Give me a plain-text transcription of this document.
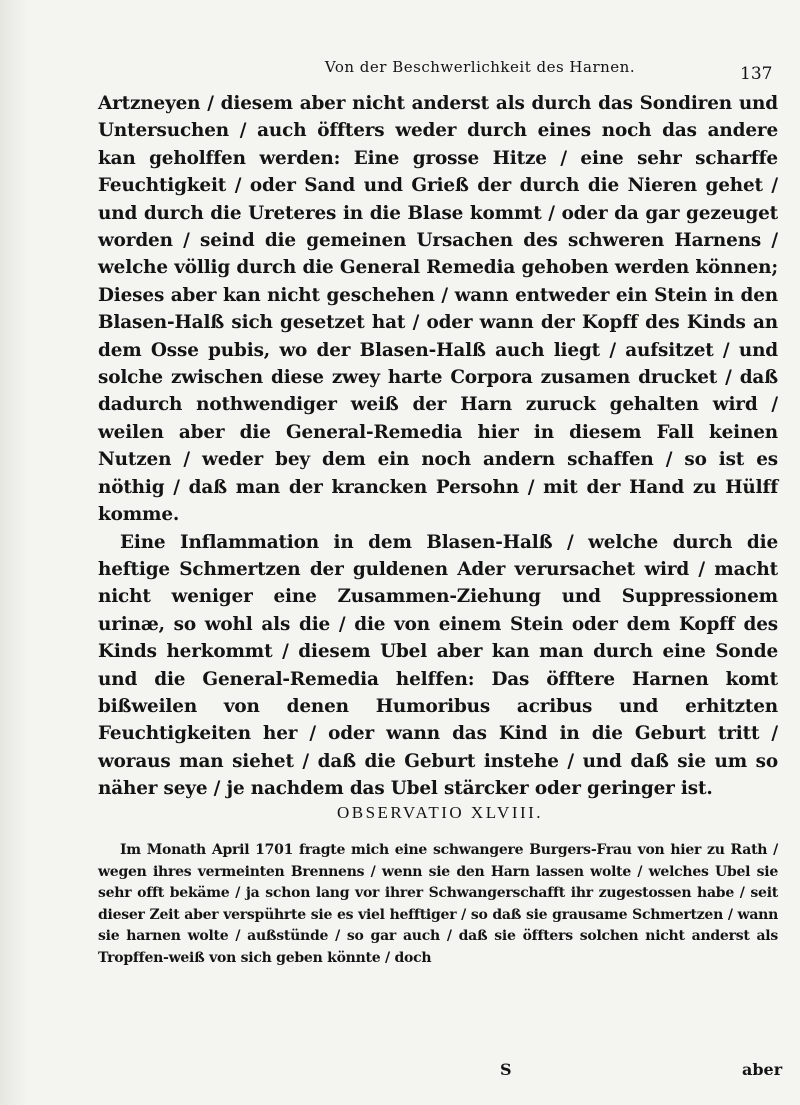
Von der Beschwerlichkeit des Harnen.	137

Artzneyen / diesem aber nicht anderst als durch das Sondiren und Untersuchen / auch öffters weder durch eines noch das andere kan geholffen werden: Eine grosse Hitze / eine sehr scharffe Feuchtigkeit / oder Sand und Grieß der durch die Nieren gehet / und durch die Ureteres in die Blase kommt / oder da gar gezeuget worden / seind die gemeinen Ursachen des schweren Harnens / welche völlig durch die General Remedia gehoben werden können; Dieses aber kan nicht geschehen / wann entweder ein Stein in den Blasen-Halß sich gesetzet hat / oder wann der Kopff des Kinds an dem Osse pubis, wo der Blasen-Halß auch liegt / aufsitzet / und solche zwischen diese zwey harte Corpora zusamen drucket / daß dadurch nothwendiger weiß der Harn zuruck gehalten wird / weilen aber die General-Remedia hier in diesem Fall keinen Nutzen / weder bey dem ein noch andern schaffen / so ist es nöthig / daß man der krancken Persohn / mit der Hand zu Hülff komme.

Eine Inflammation in dem Blasen-Halß / welche durch die heftige Schmertzen der guldenen Ader verursachet wird / macht nicht weniger eine Zusammen-Ziehung und Suppressionem urinæ, so wohl als die / die von einem Stein oder dem Kopff des Kinds herkommt / diesem Ubel aber kan man durch eine Sonde und die General-Remedia helffen: Das öfftere Harnen komt bißweilen von denen Humoribus acribus und erhitzten Feuchtigkeiten her / oder wann das Kind in die Geburt tritt / woraus man siehet / daß die Geburt instehe / und daß sie um so näher seye / je nachdem das Ubel stärcker oder geringer ist.

OBSERVATIO XLVIII.

Im Monath April 1701 fragte mich eine schwangere Burgers-Frau von hier zu Rath / wegen ihres vermeinten Brennens / wenn sie den Harn lassen wolte / welches Ubel sie sehr offt bekäme / ja schon lang vor ihrer Schwangerschafft ihr zugestossen habe / seit dieser Zeit aber verspührte sie es viel hefftiger / so daß sie grausame Schmertzen / wann sie harnen wolte / außstünde / so gar auch / daß sie öffters solchen nicht anderst als Tropffen-weiß von sich geben könnte / doch

S	aber
